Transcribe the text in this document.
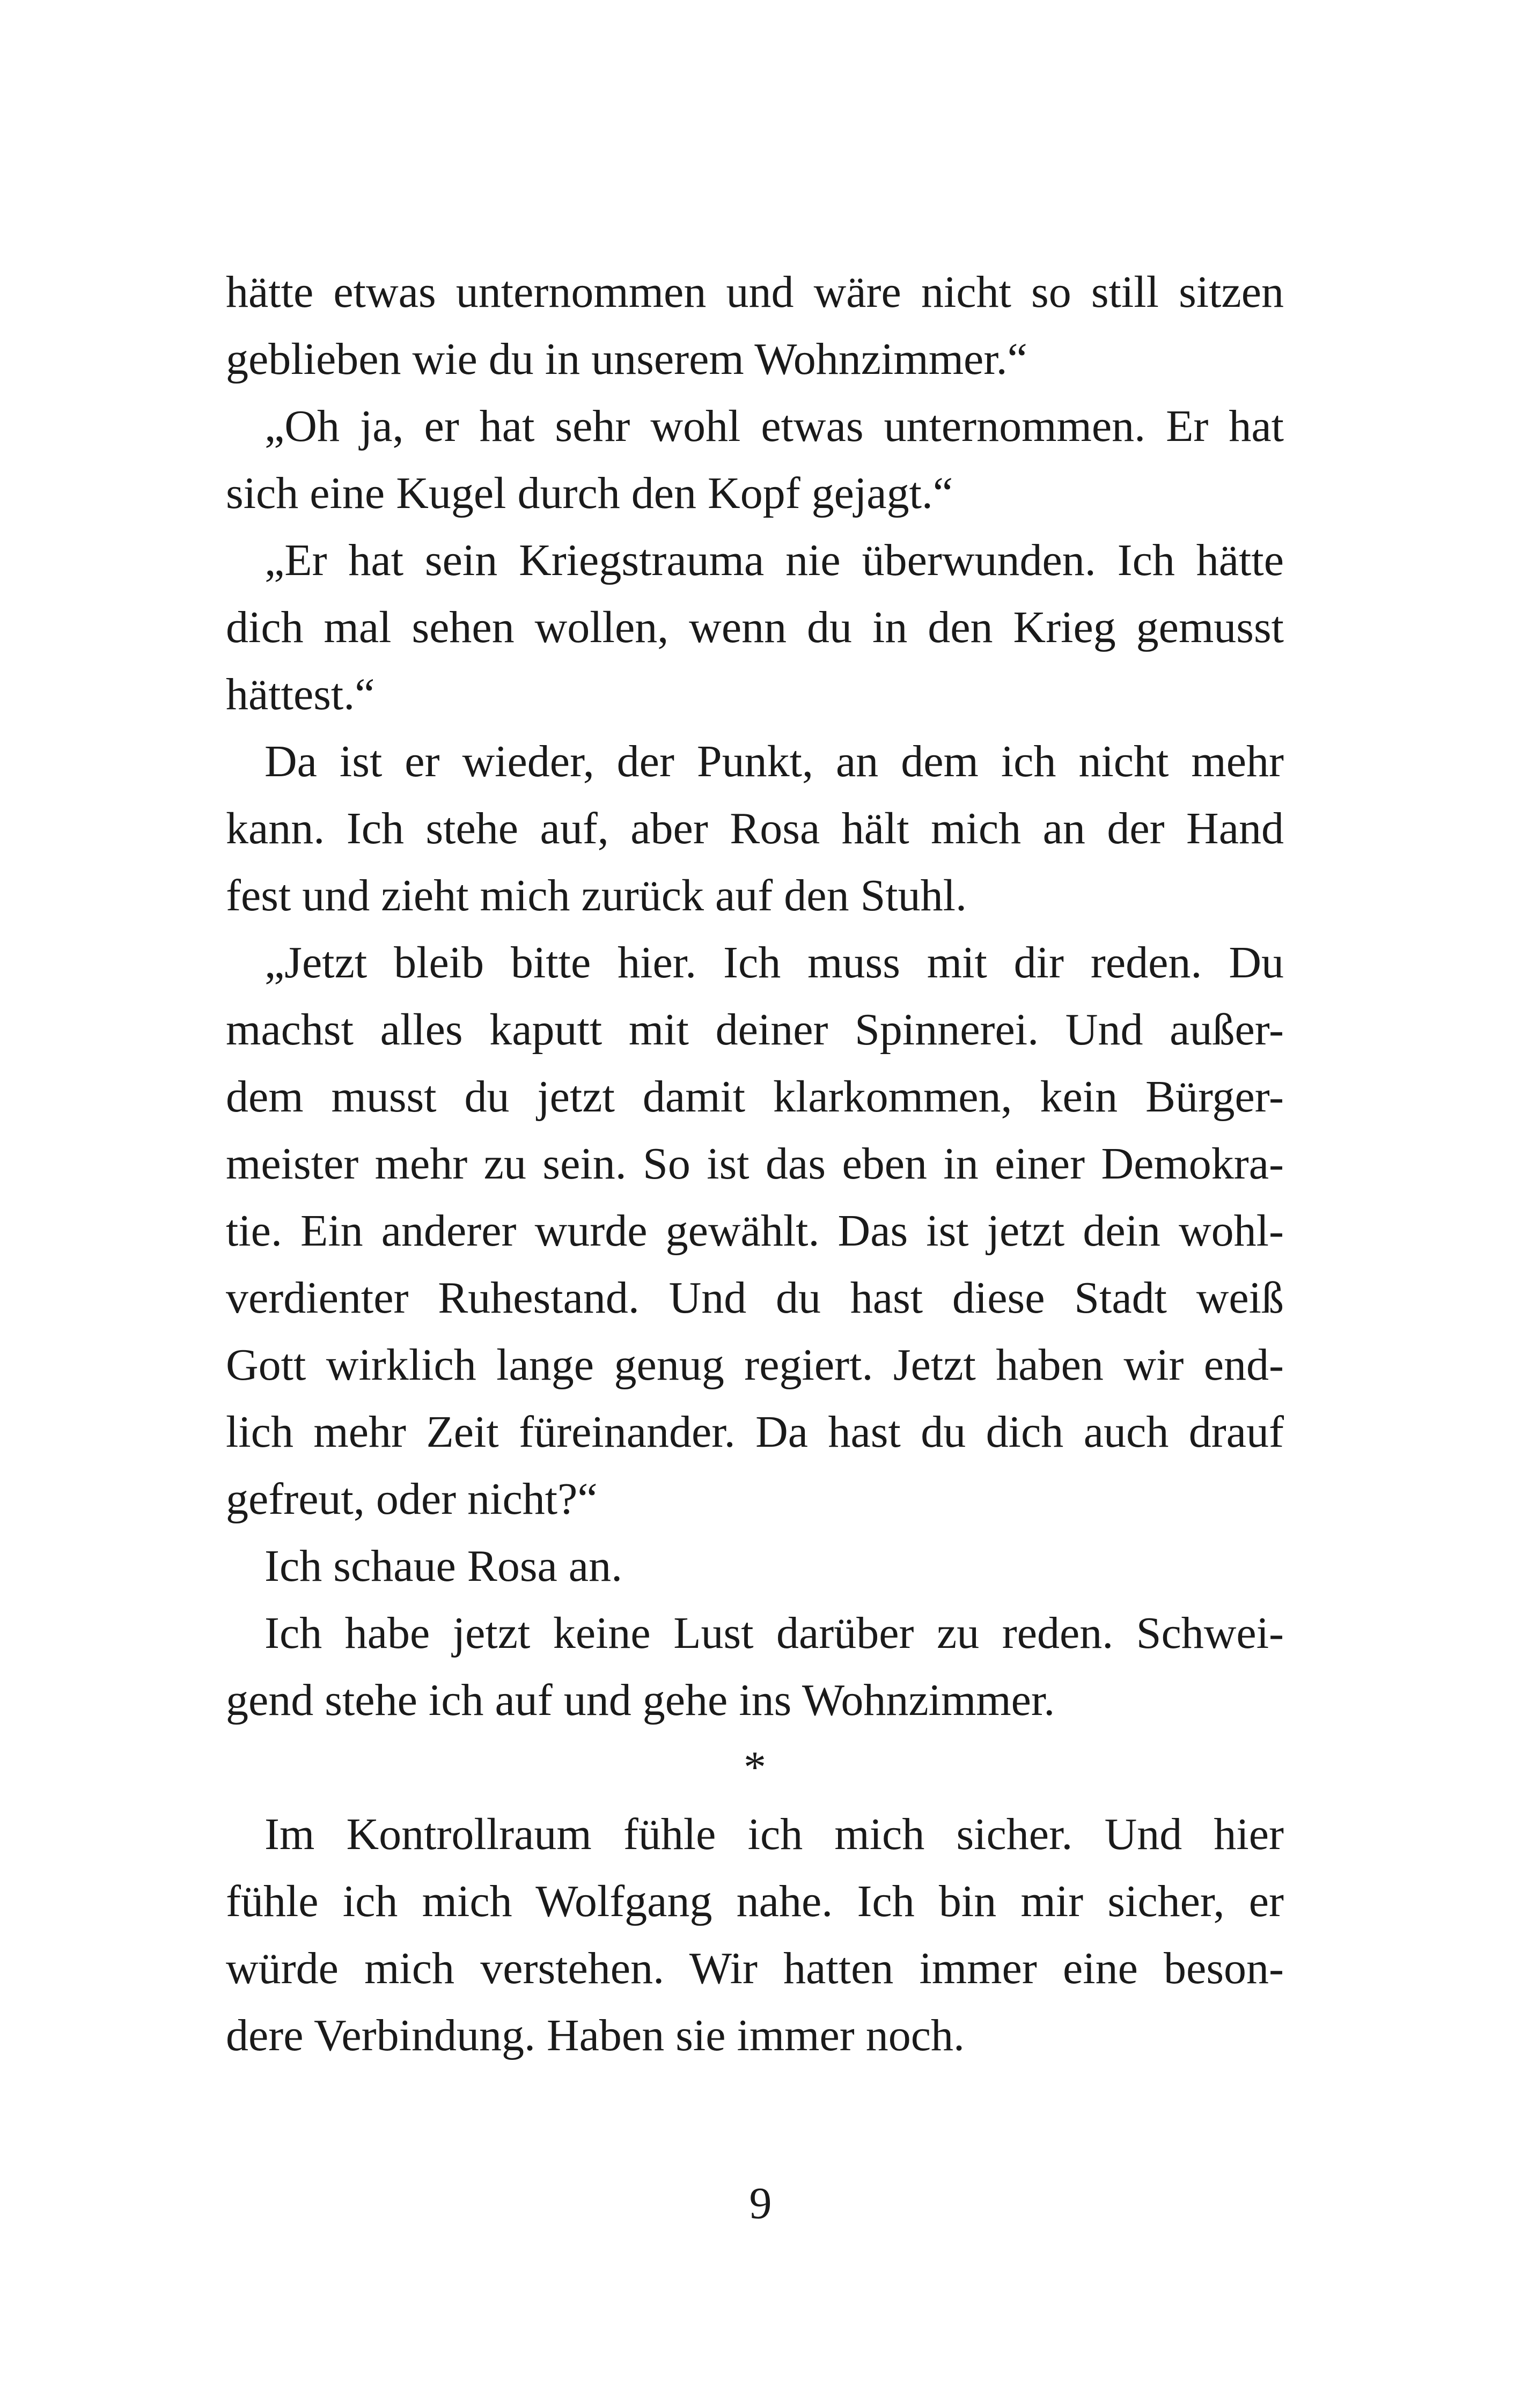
hätte etwas unternommen und wäre nicht so still sitzen
geblieben wie du in unserem Wohnzimmer.“
„Oh ja, er hat sehr wohl etwas unternommen. Er hat
sich eine Kugel durch den Kopf gejagt.“
„Er hat sein Kriegstrauma nie überwunden. Ich hätte
dich mal sehen wollen, wenn du in den Krieg gemusst
hättest.“
Da ist er wieder, der Punkt, an dem ich nicht mehr
kann. Ich stehe auf, aber Rosa hält mich an der Hand
fest und zieht mich zurück auf den Stuhl.
„Jetzt bleib bitte hier. Ich muss mit dir reden. Du
machst alles kaputt mit deiner Spinnerei. Und außer-
dem musst du jetzt damit klarkommen, kein Bürger-
meister mehr zu sein. So ist das eben in einer Demokra-
tie. Ein anderer wurde gewählt. Das ist jetzt dein wohl-
verdienter Ruhestand. Und du hast diese Stadt weiß
Gott wirklich lange genug regiert. Jetzt haben wir end-
lich mehr Zeit füreinander. Da hast du dich auch drauf
gefreut, oder nicht?“
Ich schaue Rosa an.
Ich habe jetzt keine Lust darüber zu reden. Schwei-
gend stehe ich auf und gehe ins Wohnzimmer.
*
Im Kontrollraum fühle ich mich sicher. Und hier
fühle ich mich Wolfgang nahe. Ich bin mir sicher, er
würde mich verstehen. Wir hatten immer eine beson-
dere Verbindung. Haben sie immer noch.
9
